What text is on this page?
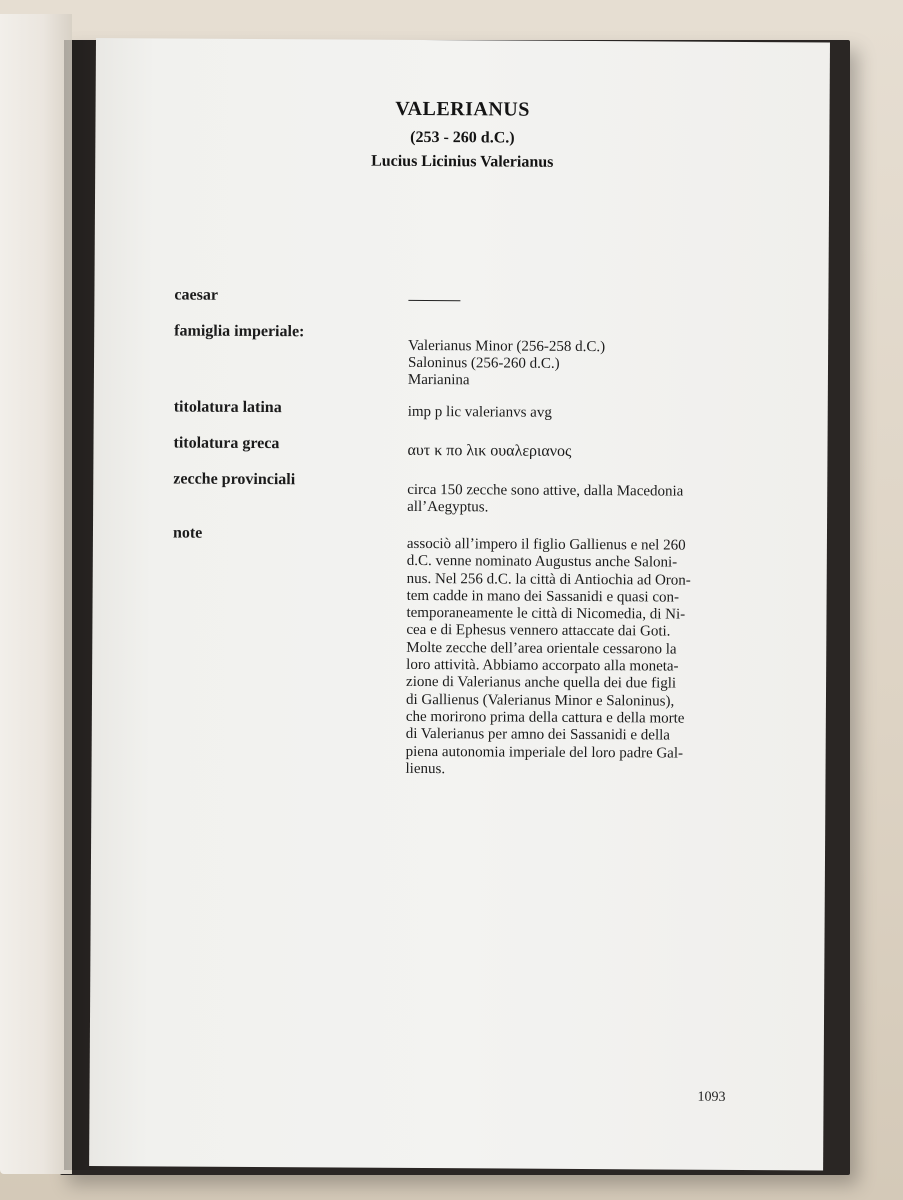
VALERIANUS
(253 - 260 d.C.)
Lucius Licinius Valerianus
caesar
famiglia imperiale:
Valerianus Minor (256-258 d.C.)
Saloninus (256-260 d.C.)
Marianina
titolatura latina	imp p lic valerianvs avg
titolatura greca	αυτ κ πο λικ ουαλεριανος
zecche provinciali
circa 150 zecche sono attive, dalla Macedonia
all’Aegyptus.
note
associò all’impero il figlio Gallienus e nel 260
d.C. venne nominato Augustus anche Saloni-
nus. Nel 256 d.C. la città di Antiochia ad Oron-
tem cadde in mano dei Sassanidi e quasi con-
temporaneamente le città di Nicomedia, di Ni-
cea e di Ephesus vennero attaccate dai Goti.
Molte zecche dell’area orientale cessarono la
loro attività. Abbiamo accorpato alla moneta-
zione di Valerianus anche quella dei due figli
di Gallienus (Valerianus Minor e Saloninus),
che morirono prima della cattura e della morte
di Valerianus per amno dei Sassanidi e della
piena autonomia imperiale del loro padre Gal-
lienus.
1093
